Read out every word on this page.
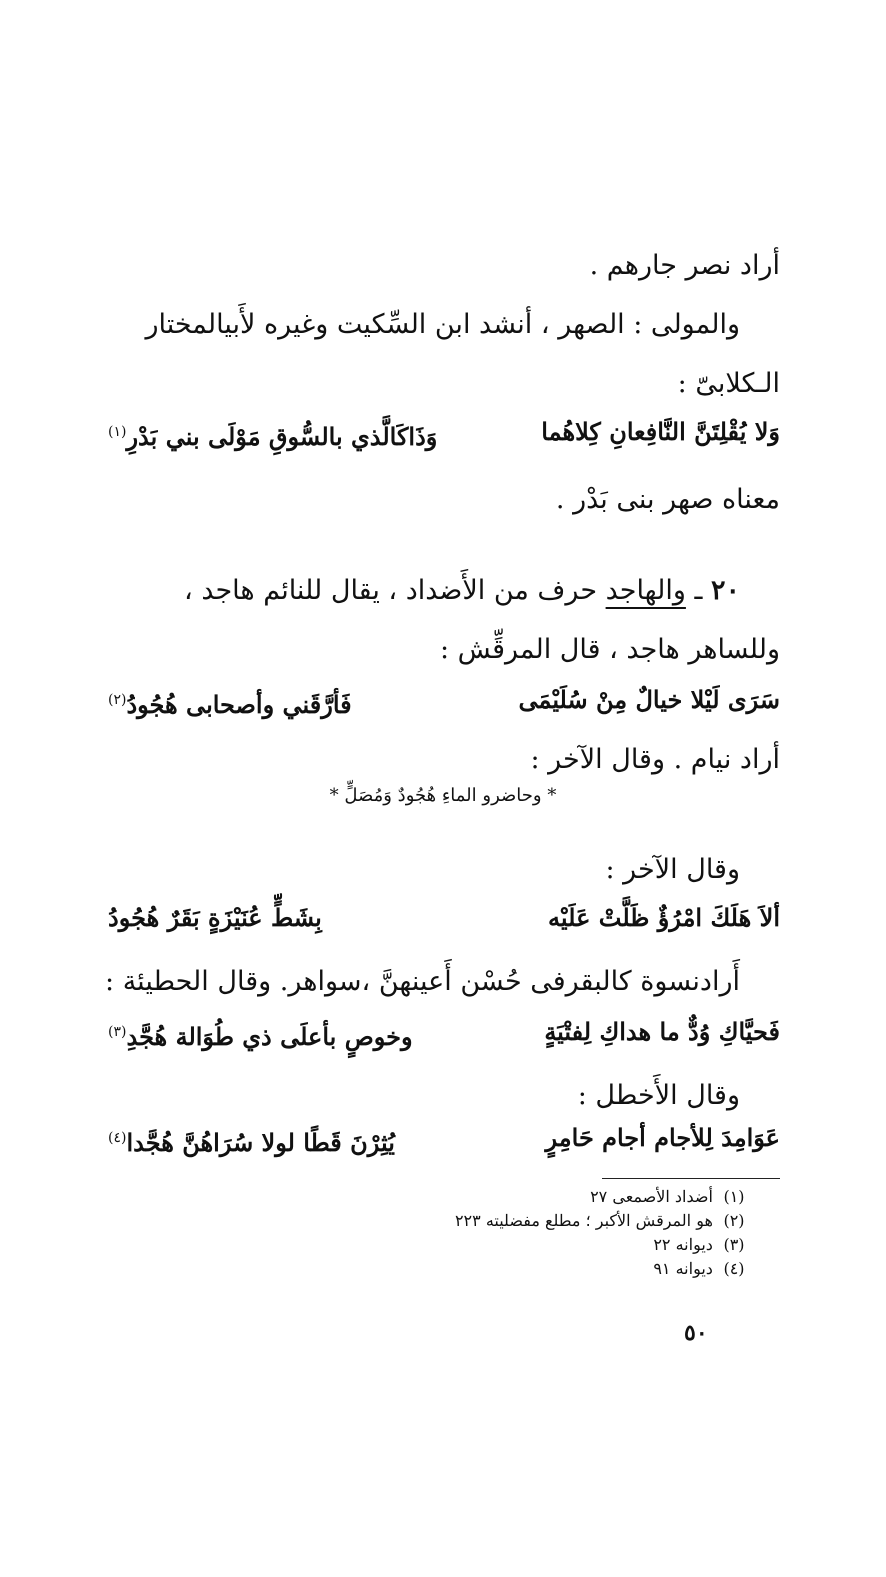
أراد نصر جارهم .

والمولى : الصهر ، أنشد ابن السِّكيت وغيره لأَبيالمختار

الـكلابىّ :

وَلا يُقْلِتَنَّ النَّافِعانِ كِلاهُما
وَذَاكَالَّذي بالسُّوقِ مَوْلَى بني بَدْرِ$^{(١)}$

معناه صهر بنى بَدْر .

٢٠ ـ والهاجد حرف من الأَضداد ، يقال للنائم هاجد ،

وللساهر هاجد ، قال المرقِّش :

سَرَى لَيْلا خيالٌ مِنْ سُلَيْمَى
فَأرَّقَني وأصحابى هُجُودُ$^{(٢)}$

أراد نيام . وقال الآخر :

* وحاضرو الماءِ هُجُودٌ وَمُصَلٍّ *

وقال الآخر :

ألاَ هَلَكَ امْرُؤٌ ظَلَّتْ عَلَيْه
بِشَطٍّ عُنَيْزَةٍ بَقَرٌ هُجُودُ

أَرادنسوة كالبقرفى حُسْن أَعينهنَّ ،سواهر. وقال الحطيئة :

فَحيَّاكِ وُدٌّ ما هداكِ لِفتْيَةٍ
وخوصٍ بأعلَى ذي طُوَالة هُجَّدِ$^{(٣)}$

وقال الأَخطل :

عَوَامِدَ لِلأجام أجام حَامِرٍ
يُثِرْنَ قَطًا لولا سُرَاهُنَّ هُجَّدا$^{(٤)}$
(١) أضداد الأصمعى ٢٧
(٢) هو المرقش الأكبر ؛ مطلع مفضليته ٢٢٣
(٣) ديوانه ٢٢
(٤) ديوانه ٩١
٥٠
